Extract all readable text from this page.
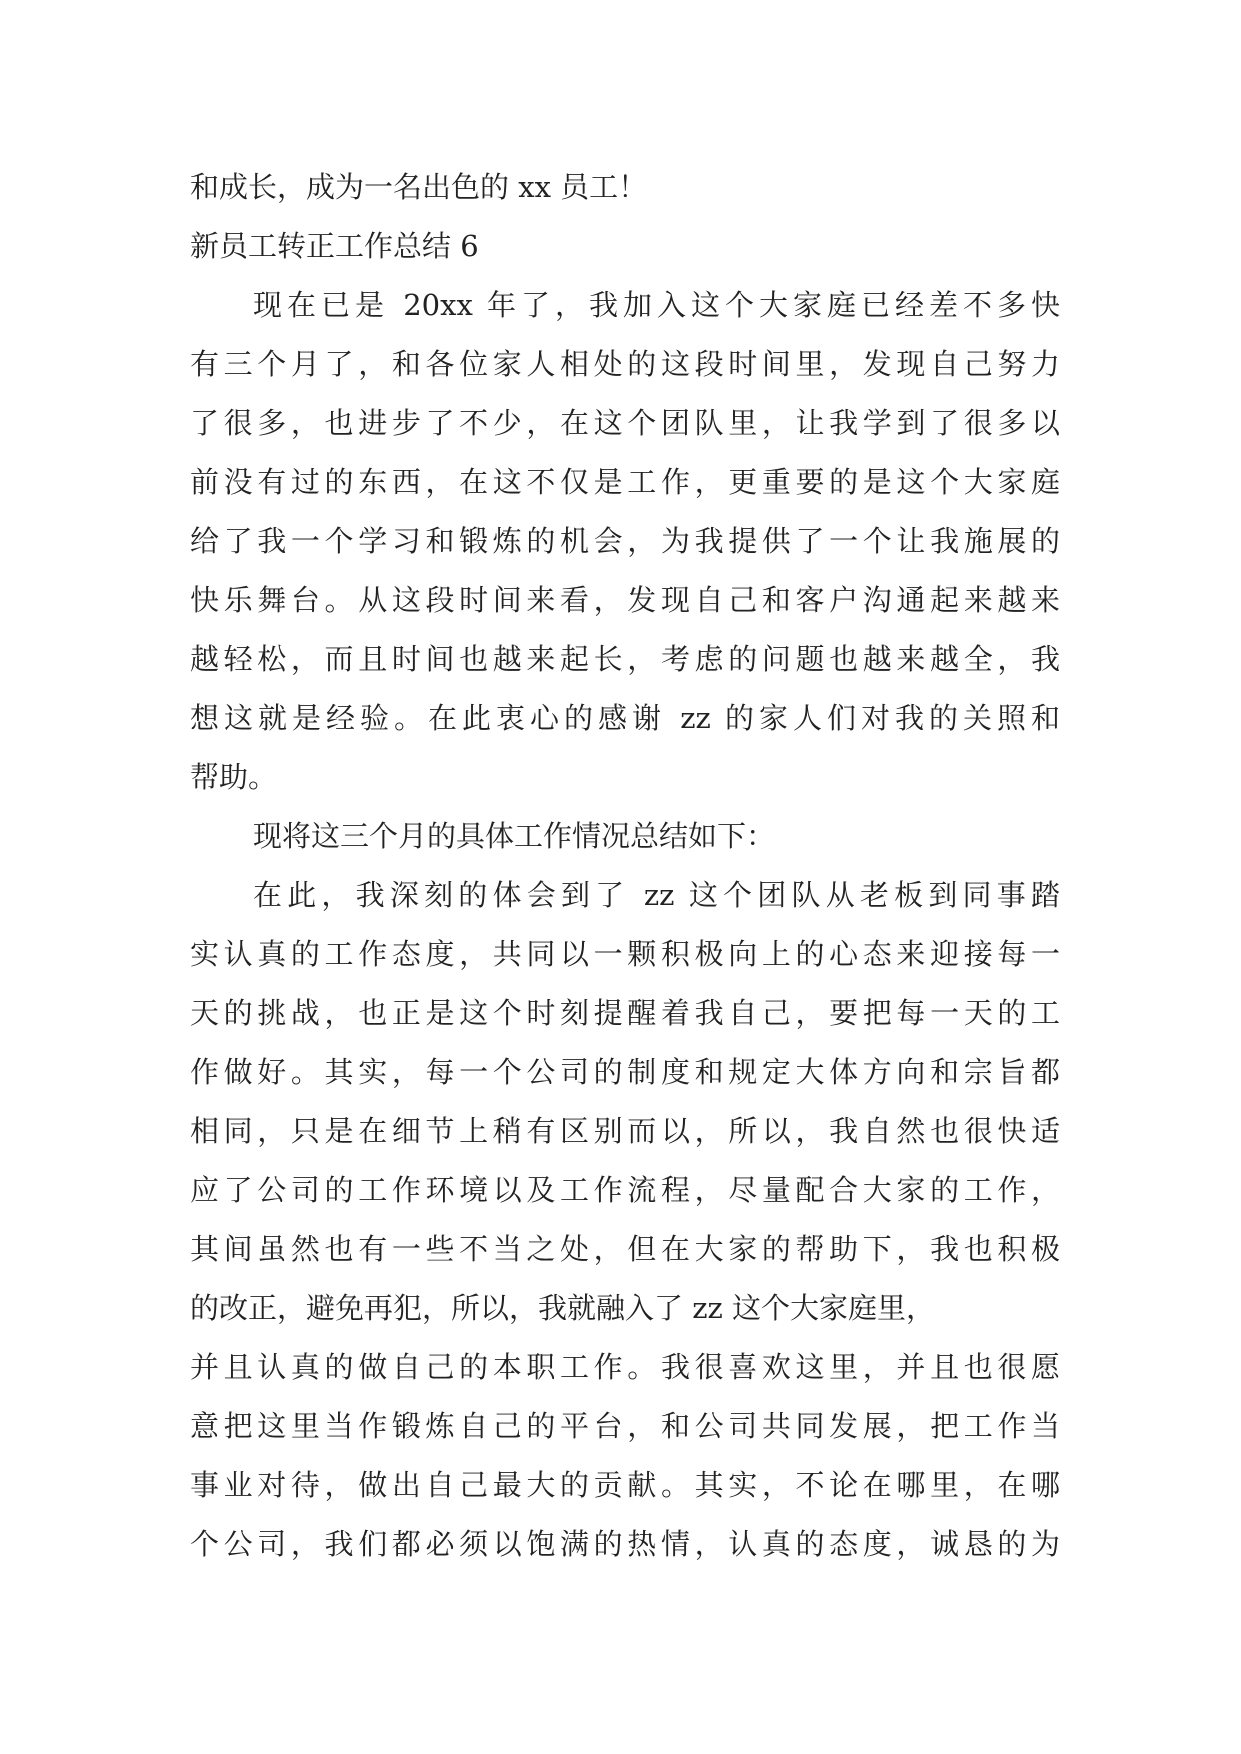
和成长，成为一名出色的 xx 员工！
新员工转正工作总结 6
现在已是 20xx 年了，我加入这个大家庭已经差不多快
有三个月了，和各位家人相处的这段时间里，发现自己努力
了很多，也进步了不少，在这个团队里，让我学到了很多以
前没有过的东西，在这不仅是工作，更重要的是这个大家庭
给了我一个学习和锻炼的机会，为我提供了一个让我施展的
快乐舞台。从这段时间来看，发现自己和客户沟通起来越来
越轻松，而且时间也越来起长，考虑的问题也越来越全，我
想这就是经验。在此衷心的感谢 zz 的家人们对我的关照和
帮助。
现将这三个月的具体工作情况总结如下：
在此，我深刻的体会到了 zz 这个团队从老板到同事踏
实认真的工作态度，共同以一颗积极向上的心态来迎接每一
天的挑战，也正是这个时刻提醒着我自己，要把每一天的工
作做好。其实，每一个公司的制度和规定大体方向和宗旨都
相同，只是在细节上稍有区别而以，所以，我自然也很快适
应了公司的工作环境以及工作流程，尽量配合大家的工作，
其间虽然也有一些不当之处，但在大家的帮助下，我也积极
的改正，避免再犯，所以，我就融入了 zz 这个大家庭里，
并且认真的做自己的本职工作。我很喜欢这里，并且也很愿
意把这里当作锻炼自己的平台，和公司共同发展，把工作当
事业对待，做出自己最大的贡献。其实，不论在哪里，在哪
个公司，我们都必须以饱满的热情，认真的态度，诚恳的为
